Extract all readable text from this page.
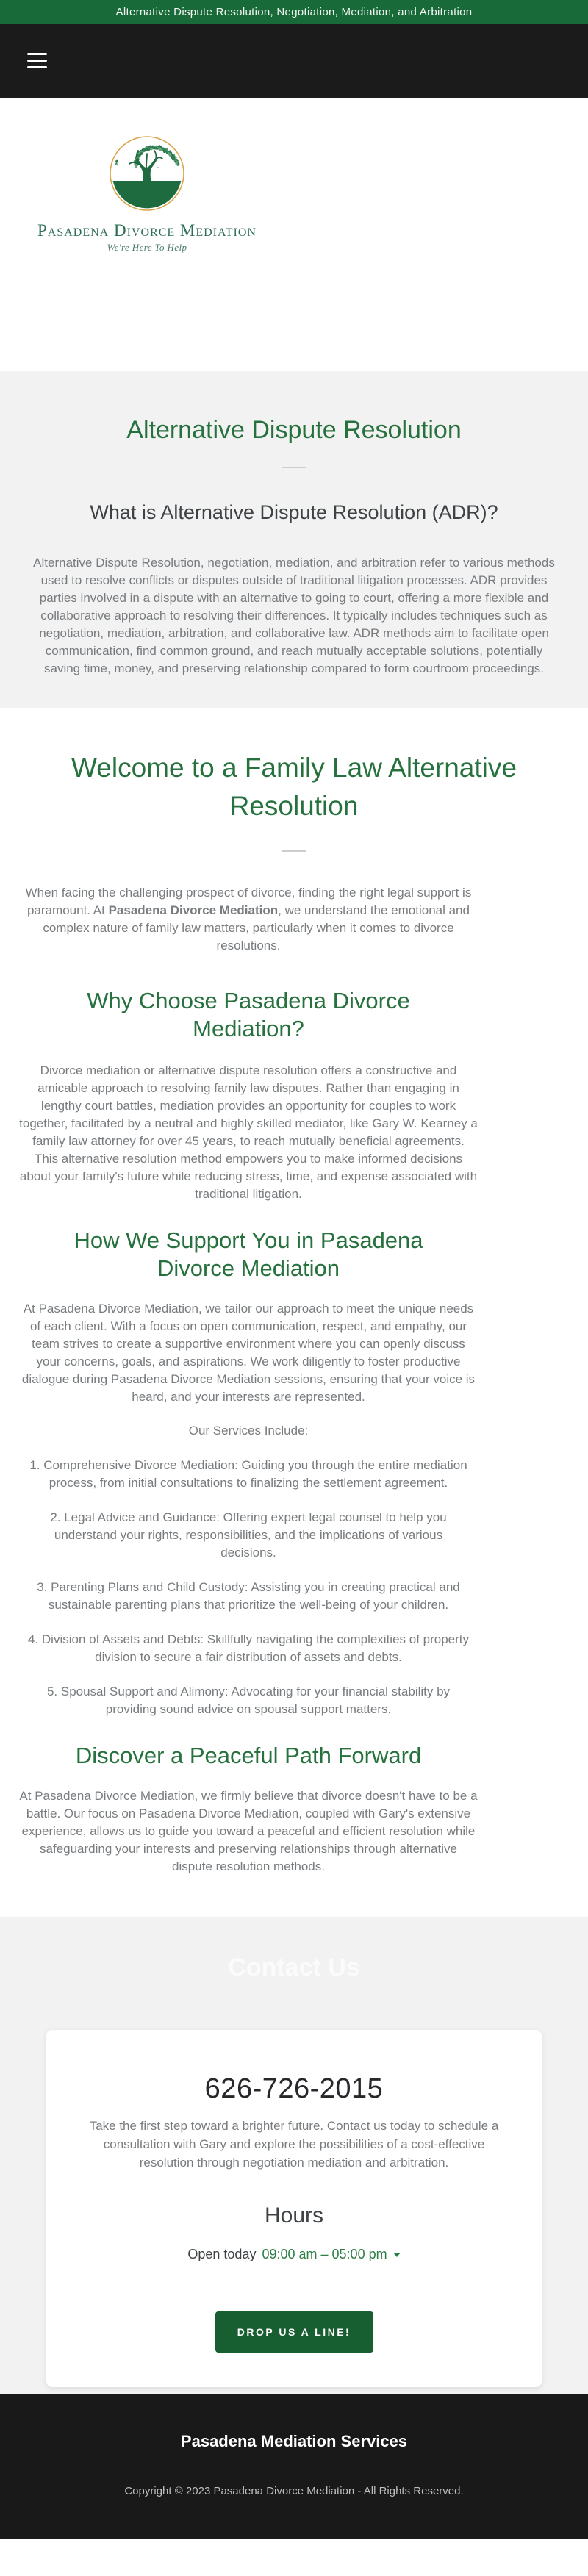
Alternative Dispute Resolution, Negotiation, Mediation, and Arbitration
Pasadena Divorce Mediation
We're Here To Help
Alternative Dispute Resolution
What is Alternative Dispute Resolution (ADR)?

Alternative Dispute Resolution, negotiation, mediation, and arbitration refer to various methods used to resolve conflicts or disputes outside of traditional litigation processes. ADR provides parties involved in a dispute with an alternative to going to court, offering a more flexible and collaborative approach to resolving their differences. It typically includes techniques such as negotiation, mediation, arbitration, and collaborative law. ADR methods aim to facilitate open communication, find common ground, and reach mutually acceptable solutions, potentially saving time, money, and preserving relationship compared to form courtroom proceedings.

Welcome to a Family Law Alternative Resolution

When facing the challenging prospect of divorce, finding the right legal support is paramount. At Pasadena Divorce Mediation, we understand the emotional and complex nature of family law matters, particularly when it comes to divorce resolutions.

Why Choose Pasadena Divorce Mediation?

Divorce mediation or alternative dispute resolution offers a constructive and amicable approach to resolving family law disputes. Rather than engaging in lengthy court battles, mediation provides an opportunity for couples to work together, facilitated by a neutral and highly skilled mediator, like Gary W. Kearney a family law attorney for over 45 years, to reach mutually beneficial agreements. This alternative resolution method empowers you to make informed decisions about your family's future while reducing stress, time, and expense associated with traditional litigation.

How We Support You in Pasadena Divorce Mediation

At Pasadena Divorce Mediation, we tailor our approach to meet the unique needs of each client. With a focus on open communication, respect, and empathy, our team strives to create a supportive environment where you can openly discuss your concerns, goals, and aspirations. We work diligently to foster productive dialogue during Pasadena Divorce Mediation sessions, ensuring that your voice is heard, and your interests are represented.

Our Services Include:

1. Comprehensive Divorce Mediation: Guiding you through the entire mediation process, from initial consultations to finalizing the settlement agreement.

2. Legal Advice and Guidance: Offering expert legal counsel to help you understand your rights, responsibilities, and the implications of various decisions.

3. Parenting Plans and Child Custody: Assisting you in creating practical and sustainable parenting plans that prioritize the well-being of your children.

4. Division of Assets and Debts: Skillfully navigating the complexities of property division to secure a fair distribution of assets and debts.

5. Spousal Support and Alimony: Advocating for your financial stability by providing sound advice on spousal support matters.

Discover a Peaceful Path Forward

At Pasadena Divorce Mediation, we firmly believe that divorce doesn't have to be a battle. Our focus on Pasadena Divorce Mediation, coupled with Gary's extensive experience, allows us to guide you toward a peaceful and efficient resolution while safeguarding your interests and preserving relationships through alternative dispute resolution methods.

Contact Us
626-726-2015

Take the first step toward a brighter future. Contact us today to schedule a consultation with Gary and explore the possibilities of a cost-effective resolution through negotiation mediation and arbitration.

Hours
Open today 09:00 am – 05:00 pm
DROP US A LINE!

Pasadena Mediation Services

Copyright © 2023 Pasadena Divorce Mediation - All Rights Reserved.
